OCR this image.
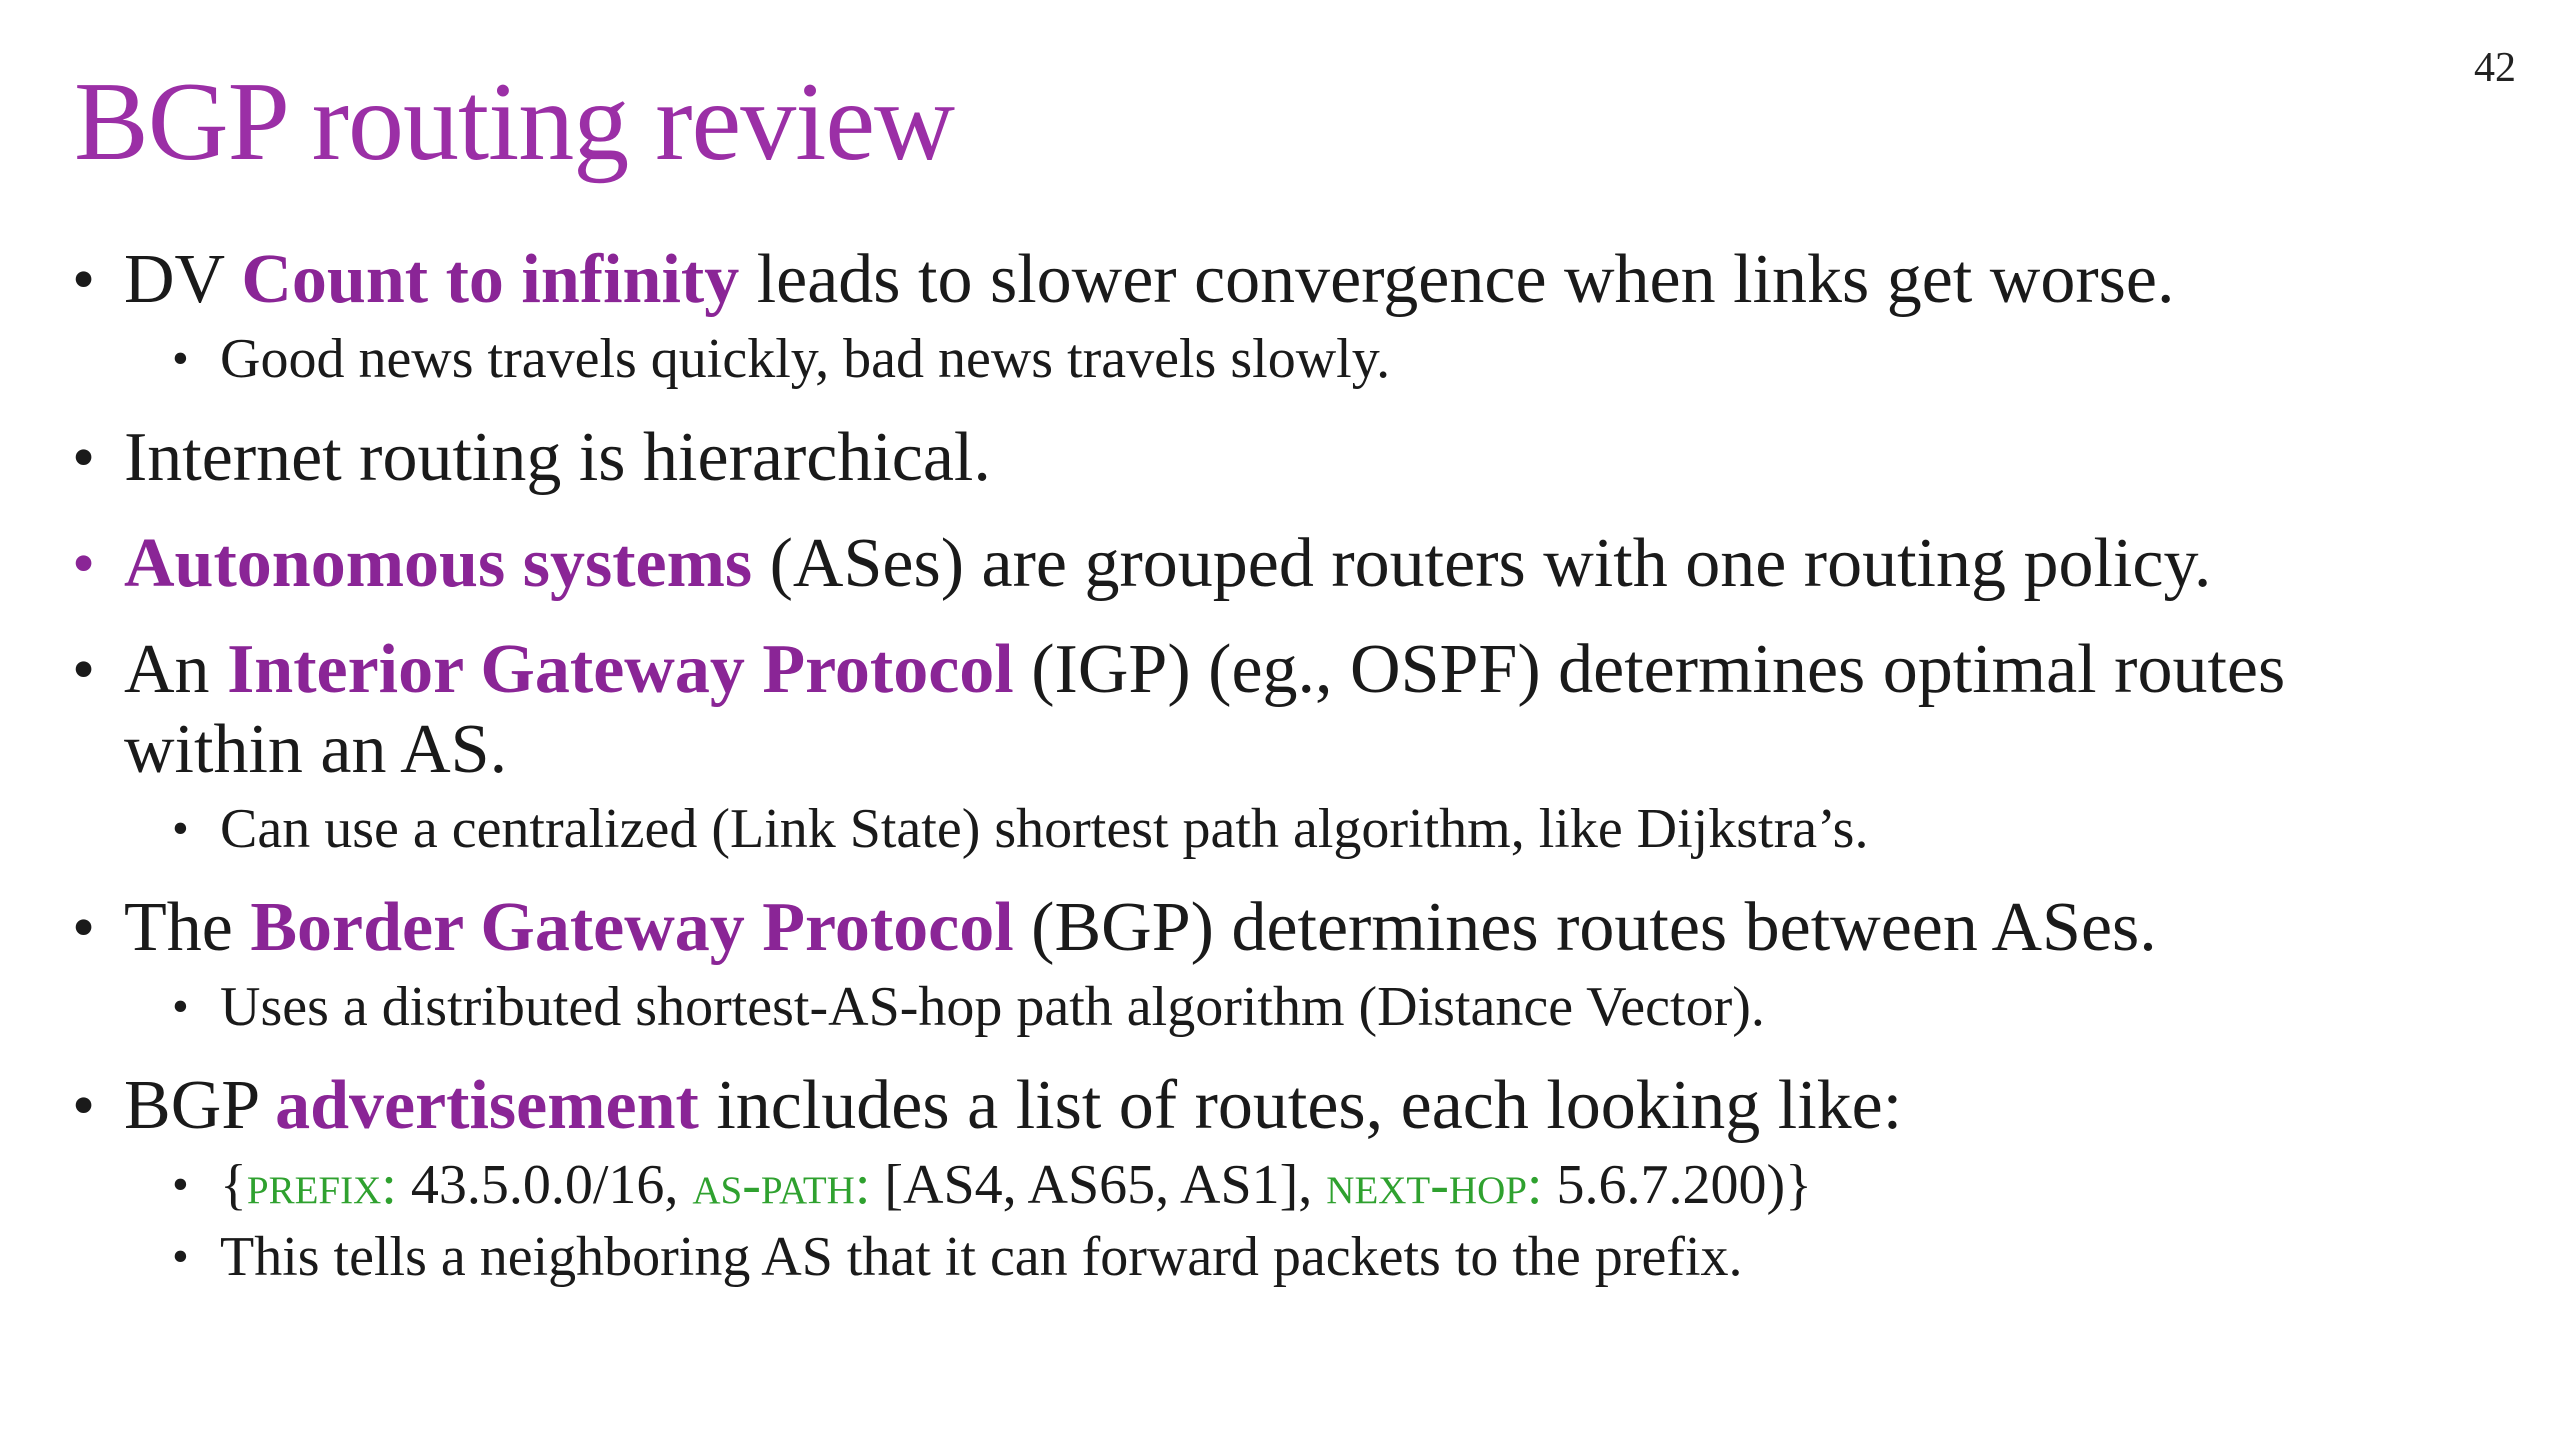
42
BGP routing review
• DV Count to infinity leads to slower convergence when links get worse.
• Good news travels quickly, bad news travels slowly.
• Internet routing is hierarchical.
• Autonomous systems (ASes) are grouped routers with one routing policy.
• An Interior Gateway Protocol (IGP) (eg., OSPF) determines optimal routes within an AS.
• Can use a centralized (Link State) shortest path algorithm, like Dijkstra’s.
• The Border Gateway Protocol (BGP) determines routes between ASes.
• Uses a distributed shortest-AS-hop path algorithm (Distance Vector).
• BGP advertisement includes a list of routes, each looking like:
• {prefix: 43.5.0.0/16, as-path: [AS4, AS65, AS1], next-hop: 5.6.7.200)}
• This tells a neighboring AS that it can forward packets to the prefix.
